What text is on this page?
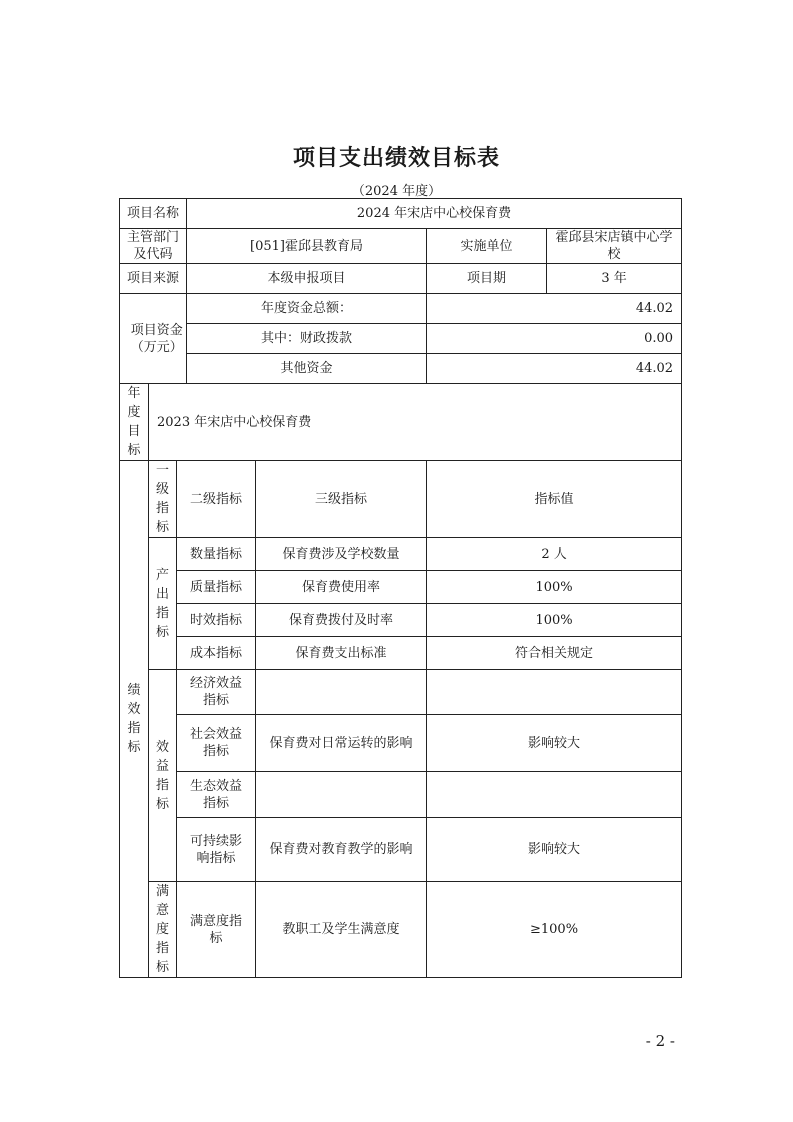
项目支出绩效目标表
（2024 年度）
项目名称			2024 年宋店中心校保育费			
主管部门及代码			[051]霍邱县教育局		实施单位	霍邱县宋店镇中心学校
项目来源			本级申报项目		项目期	3 年
项目资金（万元）			年度资金总额：		44.02	
			其中：财政拨款		0.00	
			其他资金		44.02	
年度目标	2023 年宋店中心校保育费					
绩效指标	一级指标	二级指标		三级指标	指标值	
	产出指标	数量指标		保育费涉及学校数量	2 人	
		质量指标		保育费使用率	100%	
		时效指标		保育费拨付及时率	100%	
		成本指标		保育费支出标准	符合相关规定	
	效益指标	经济效益指标				
		社会效益指标		保育费对日常运转的影响	影响较大	
		生态效益指标				
		可持续影响指标		保育费对教育教学的影响	影响较大	
	满意度指标	满意度指标		教职工及学生满意度	≥100%	
- 2 -
